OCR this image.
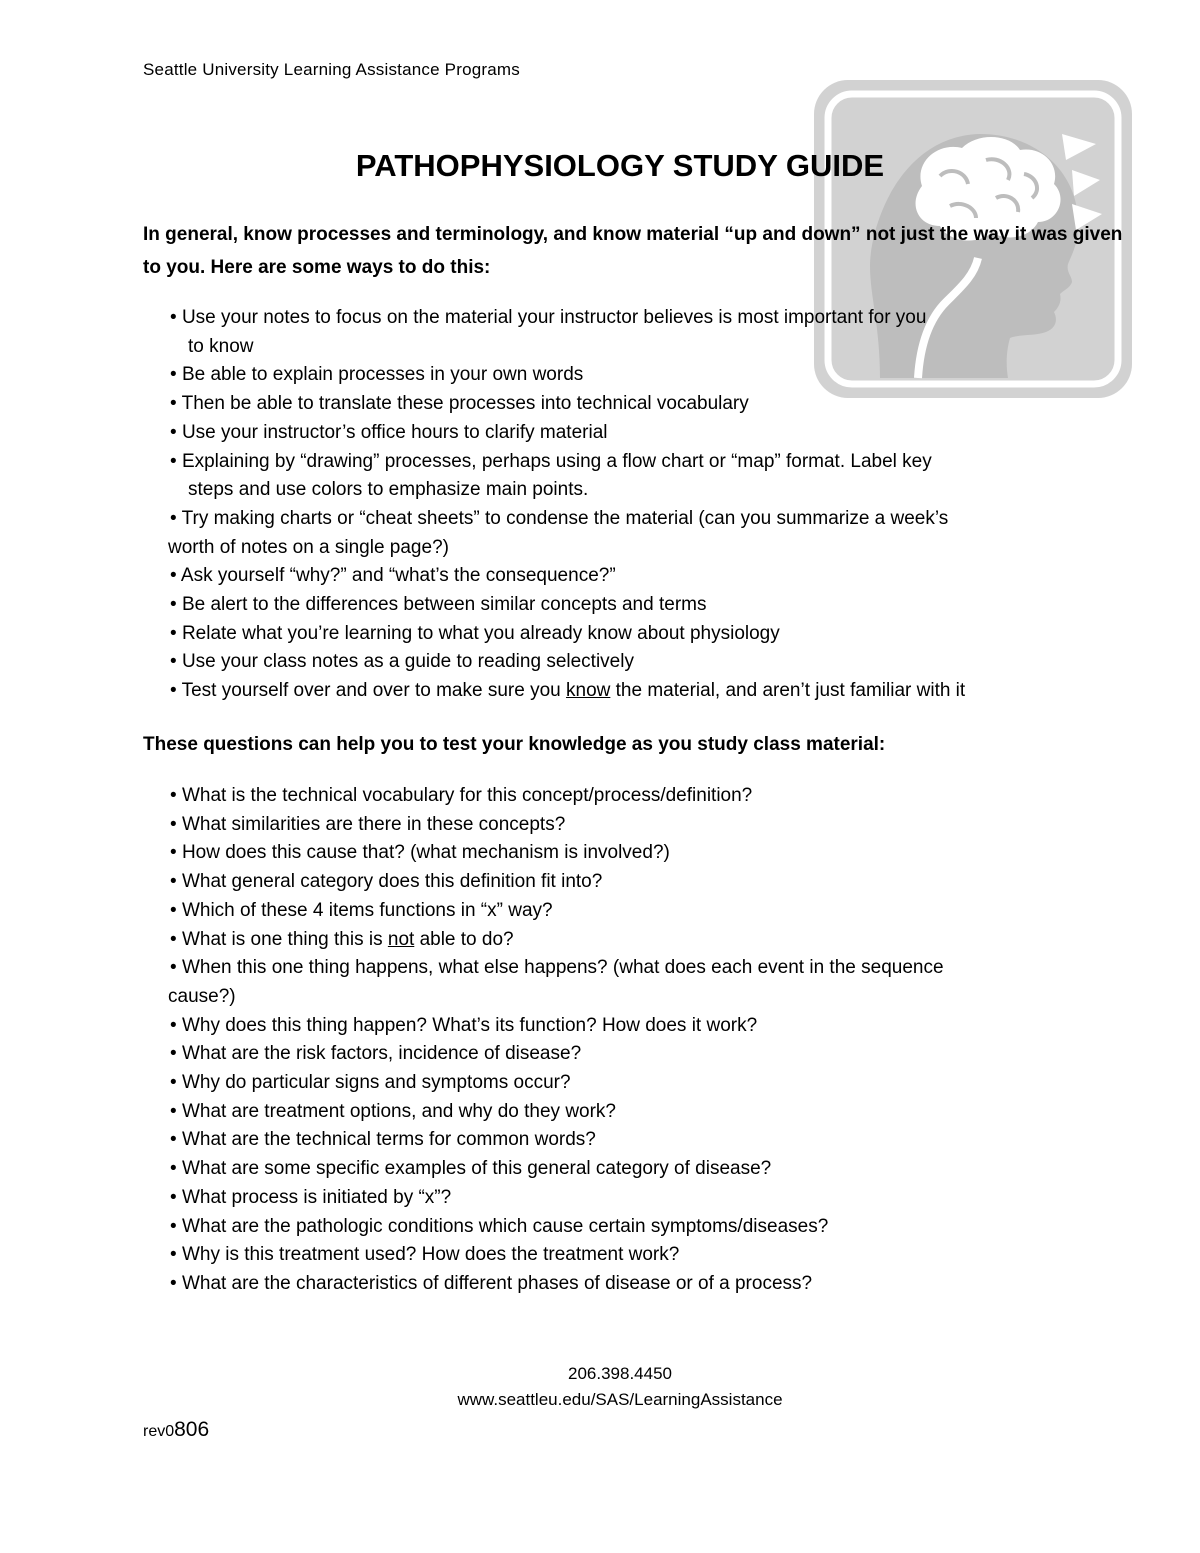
Seattle University Learning Assistance Programs
PATHOPHYSIOLOGY STUDY GUIDE
In general, know processes and terminology, and know material “up and down” not just the way it was given to you. Here are some ways to do this:
• Use your notes to focus on the material your instructor believes is most important for you
to know
• Be able to explain processes in your own words
• Then be able to translate these processes into technical vocabulary
• Use your instructor’s office hours to clarify material
• Explaining by “drawing” processes, perhaps using a flow chart or “map” format. Label key
steps and use colors to emphasize main points.
• Try making charts or “cheat sheets” to condense the material (can you summarize a week’s
worth of notes on a single page?)
• Ask yourself “why?” and “what’s the consequence?”
• Be alert to the differences between similar concepts and terms
• Relate what you’re learning to what you already know about physiology
• Use your class notes as a guide to reading selectively
• Test yourself over and over to make sure you know the material, and aren’t just familiar with it
These questions can help you to test your knowledge as you study class material:
• What is the technical vocabulary for this concept/process/definition?
• What similarities are there in these concepts?
• How does this cause that? (what mechanism is involved?)
• What general category does this definition fit into?
• Which of these 4 items functions in “x” way?
• What is one thing this is not able to do?
• When this one thing happens, what else happens? (what does each event in the sequence
cause?)
• Why does this thing happen? What’s its function? How does it work?
• What are the risk factors, incidence of disease?
• Why do particular signs and symptoms occur?
• What are treatment options, and why do they work?
• What are the technical terms for common words?
• What are some specific examples of this general category of disease?
• What process is initiated by “x”?
• What are the pathologic conditions which cause certain symptoms/diseases?
• Why is this treatment used? How does the treatment work?
• What are the characteristics of different phases of disease or of a process?
206.398.4450
www.seattleu.edu/SAS/LearningAssistance
rev0806
